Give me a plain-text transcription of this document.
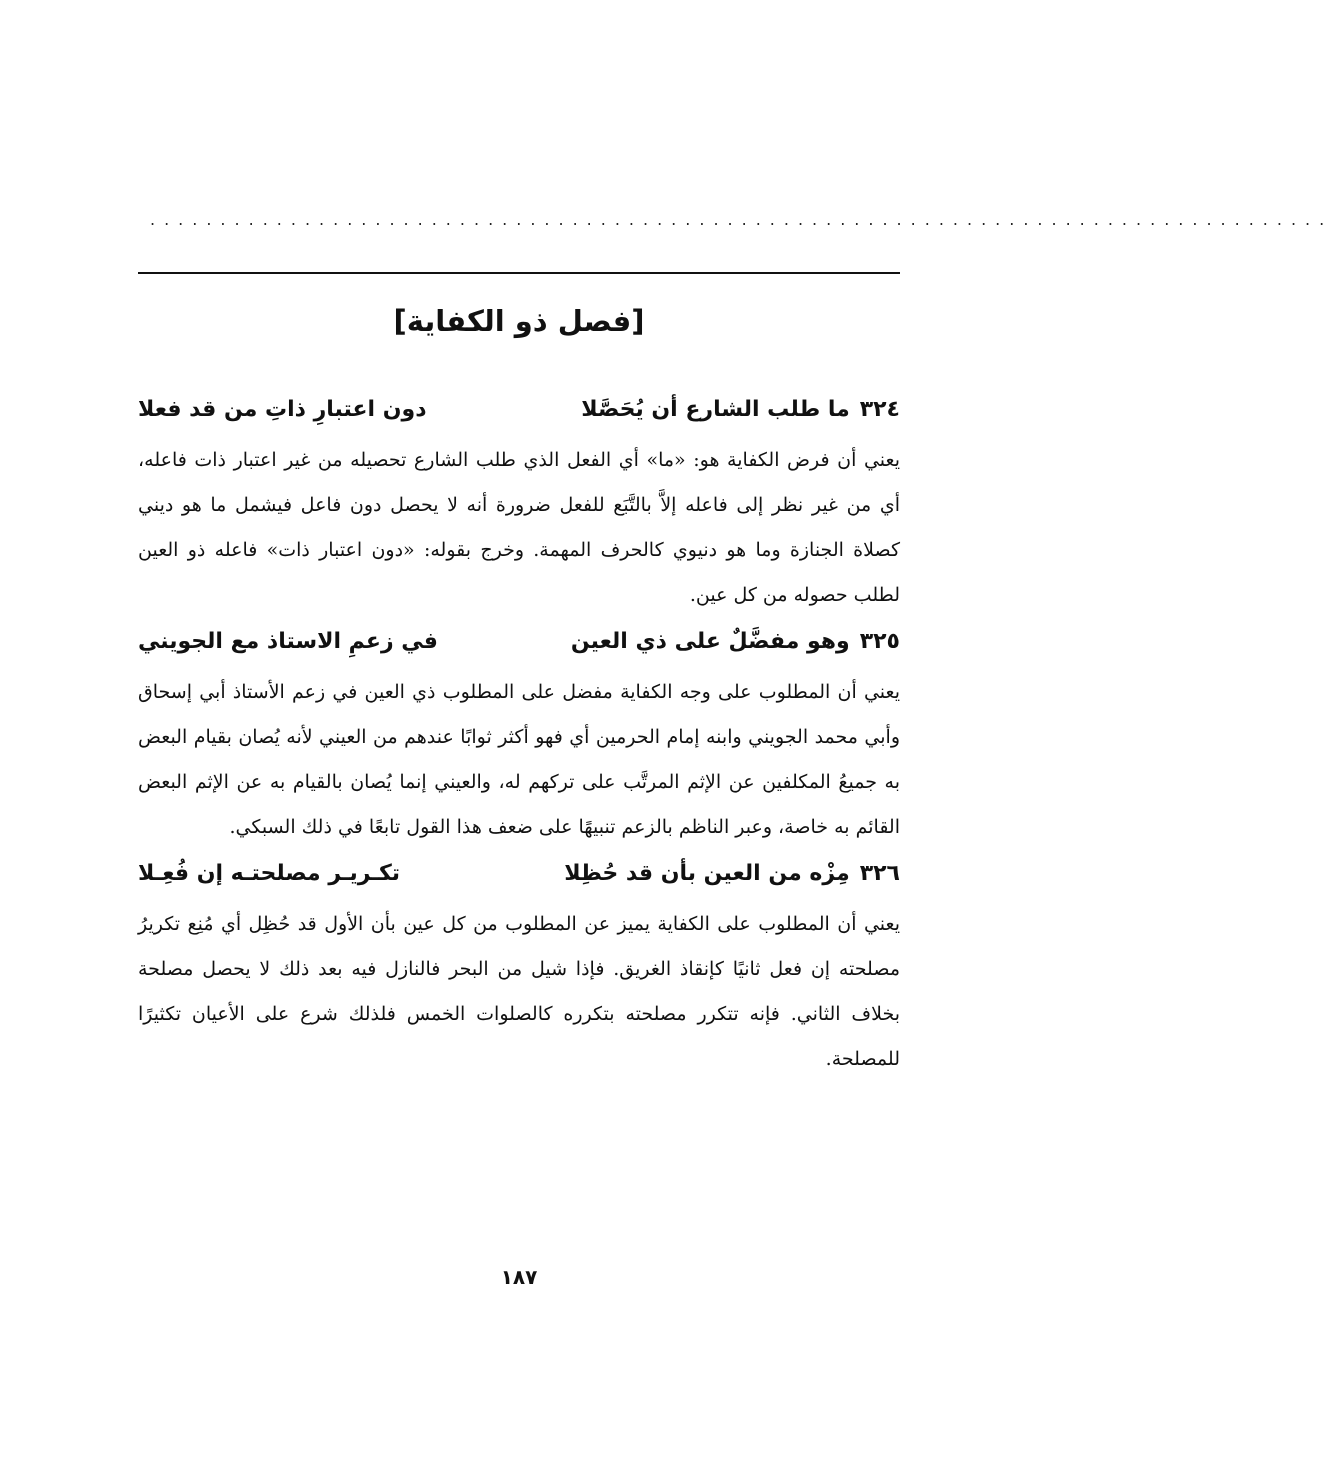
....................................................................................
[فصل ذو الكفاية]
٣٢٤
ما طلب الشارع أن يُحَصَّلا
دون اعتبارِ ذاتِ من قد فعلا
يعني أن فرض الكفاية هو: «ما» أي الفعل الذي طلب الشارع تحصيله من غير اعتبار ذات فاعله، أي من غير نظر إلى فاعله إلاَّ بالتَّبَع للفعل ضرورة أنه لا يحصل دون فاعل فيشمل ما هو ديني كصلاة الجنازة وما هو دنيوي كالحرف المهمة. وخرج بقوله: «دون اعتبار ذات» فاعله ذو العين لطلب حصوله من كل عين.
٣٢٥
وهو مفضَّلٌ على ذي العين
في زعمِ الاستاذ مع الجويني
يعني أن المطلوب على وجه الكفاية مفضل على المطلوب ذي العين في زعم الأستاذ أبي إسحاق وأبي محمد الجويني وابنه إمام الحرمين أي فهو أكثر ثوابًا عندهم من العيني لأنه يُصان بقيام البعض به جميعُ المكلفين عن الإثم المرتَّب على تركهم له، والعيني إنما يُصان بالقيام به عن الإثم البعض القائم به خاصة، وعبر الناظم بالزعم تنبيهًا على ضعف هذا القول تابعًا في ذلك السبكي.
٣٢٦
مِزْه من العين بأن قد حُظِلا
تكـريـر مصلحتـه إن فُعِـلا
يعني أن المطلوب على الكفاية يميز عن المطلوب من كل عين بأن الأول قد حُظِل أي مُنِع تكريرُ مصلحته إن فعل ثانيًا كإنقاذ الغريق. فإذا شيل من البحر فالنازل فيه بعد ذلك لا يحصل مصلحة بخلاف الثاني. فإنه تتكرر مصلحته بتكرره كالصلوات الخمس فلذلك شرع على الأعيان تكثيرًا للمصلحة.
١٨٧
